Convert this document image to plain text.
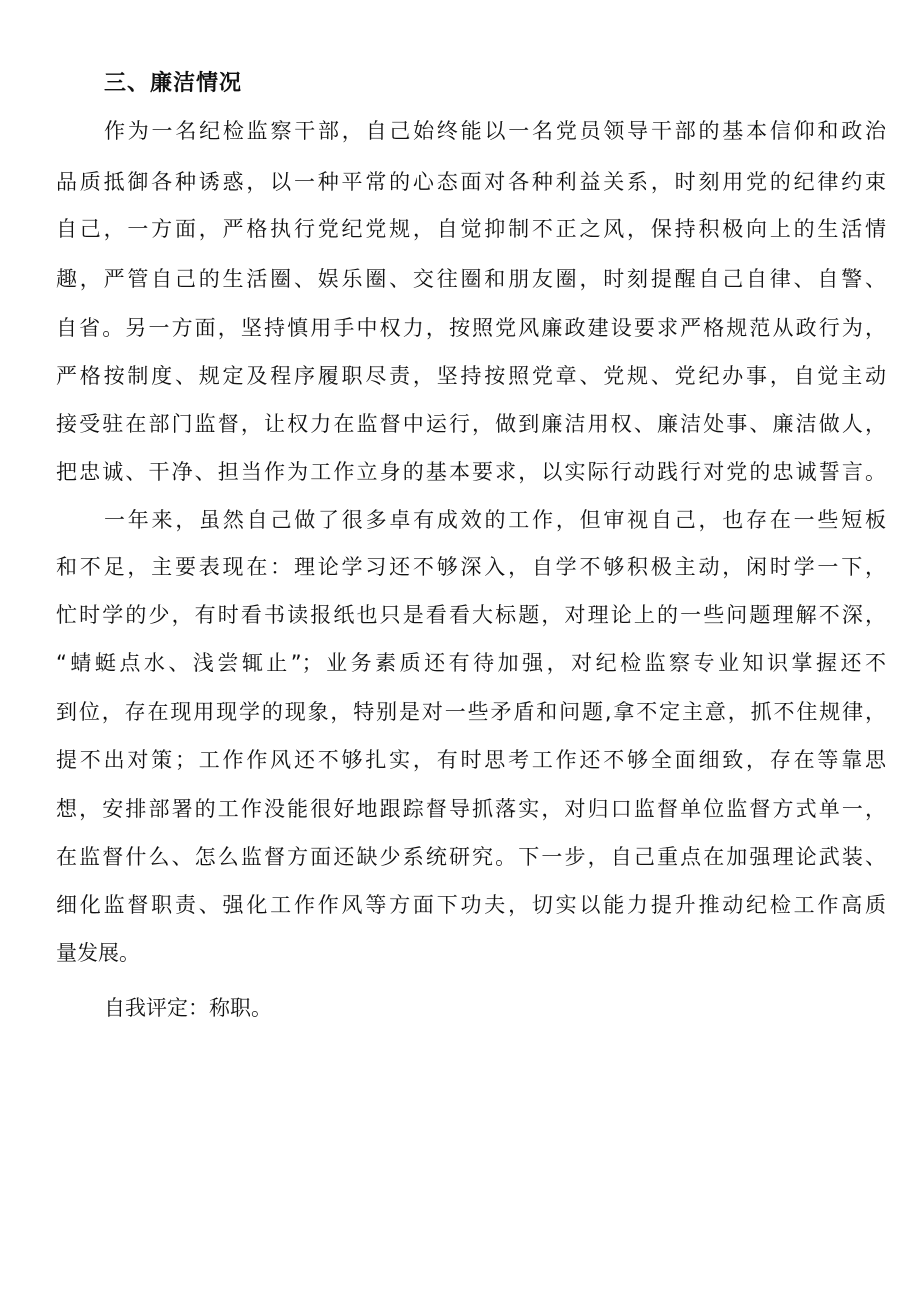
三、廉洁情况
作为一名纪检监察干部，自己始终能以一名党员领导干部的基本信仰和政治
品质抵御各种诱惑，以一种平常的心态面对各种利益关系，时刻用党的纪律约束
自己，一方面，严格执行党纪党规，自觉抑制不正之风，保持积极向上的生活情
趣，严管自己的生活圈、娱乐圈、交往圈和朋友圈，时刻提醒自己自律、自警、
自省。另一方面，坚持慎用手中权力，按照党风廉政建设要求严格规范从政行为，
严格按制度、规定及程序履职尽责，坚持按照党章、党规、党纪办事，自觉主动
接受驻在部门监督，让权力在监督中运行，做到廉洁用权、廉洁处事、廉洁做人，
把忠诚、干净、担当作为工作立身的基本要求，以实际行动践行对党的忠诚誓言。
一年来，虽然自己做了很多卓有成效的工作，但审视自己，也存在一些短板
和不足，主要表现在：理论学习还不够深入，自学不够积极主动，闲时学一下，
忙时学的少，有时看书读报纸也只是看看大标题，对理论上的一些问题理解不深，
“蜻蜓点水、浅尝辄止”；业务素质还有待加强，对纪检监察专业知识掌握还不
到位，存在现用现学的现象，特别是对一些矛盾和问题,拿不定主意，抓不住规律，
提不出对策；工作作风还不够扎实，有时思考工作还不够全面细致，存在等靠思
想，安排部署的工作没能很好地跟踪督导抓落实，对归口监督单位监督方式单一，
在监督什么、怎么监督方面还缺少系统研究。下一步，自己重点在加强理论武装、
细化监督职责、强化工作作风等方面下功夫，切实以能力提升推动纪检工作高质
量发展。
自我评定：称职。
